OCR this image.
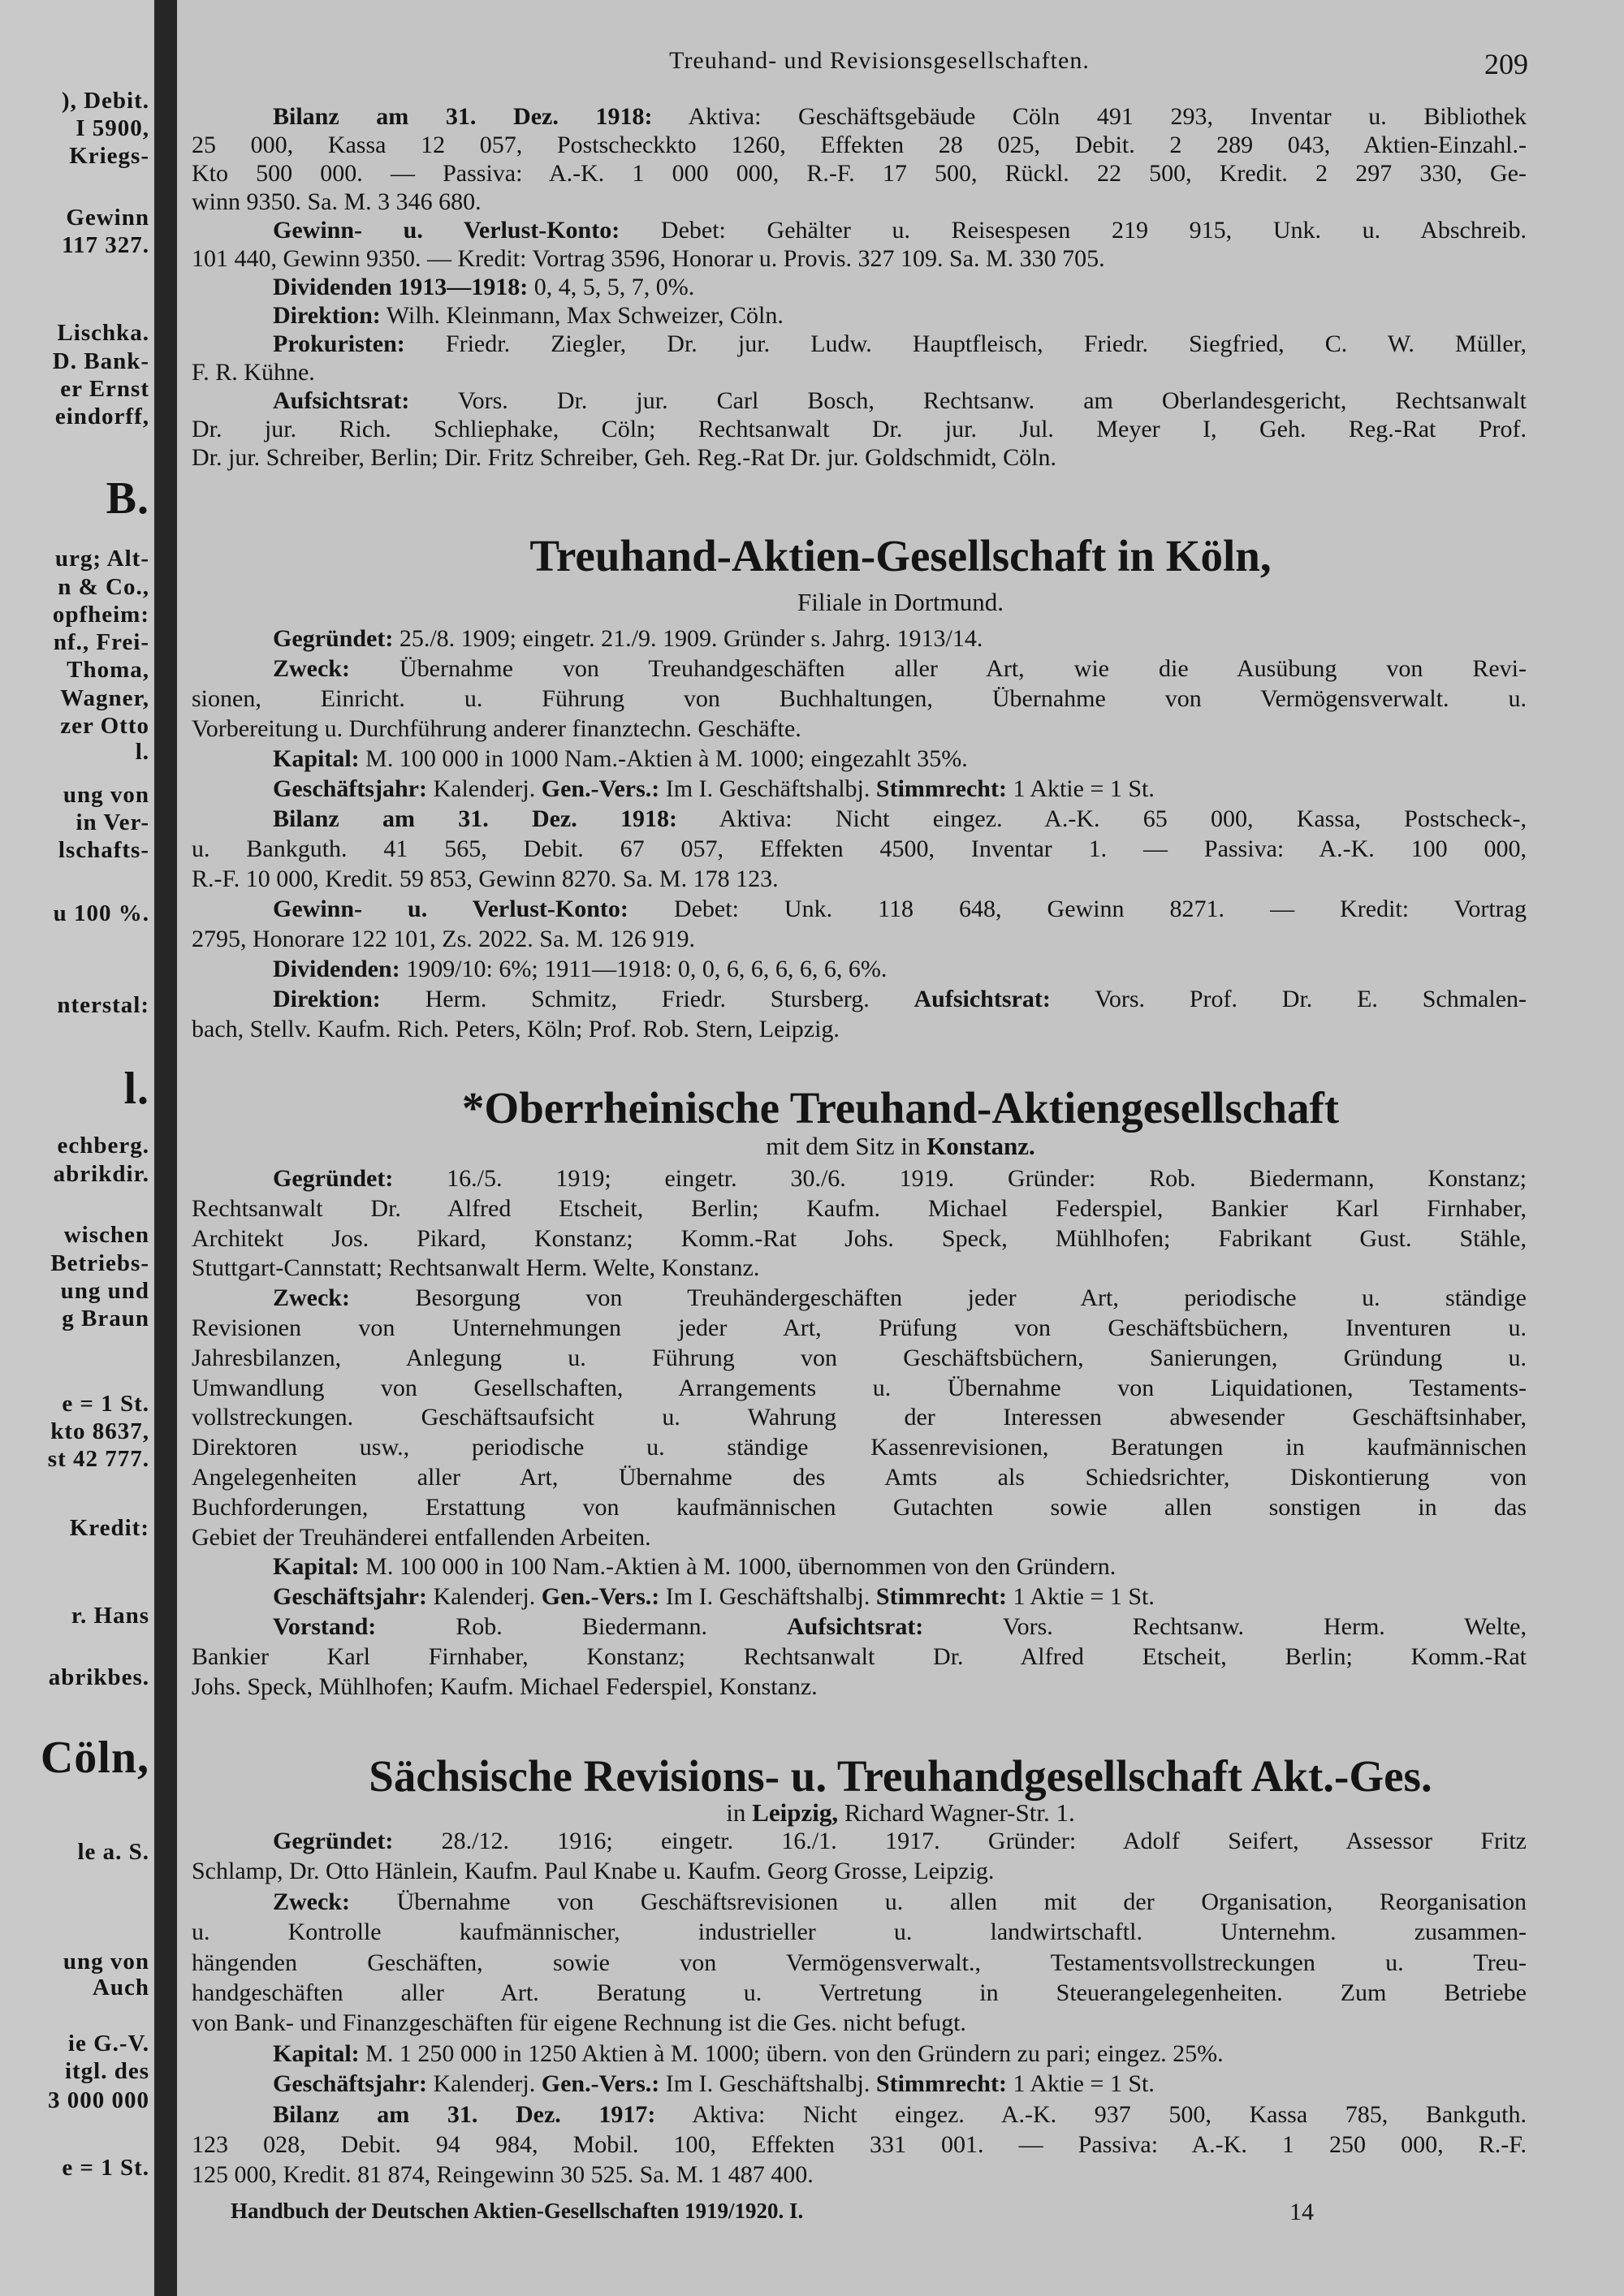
), Debit.
I 5900,
Kriegs-
Gewinn
117 327.
Lischka.
D. Bank-
er Ernst
eindorff,
B.
urg; Alt-
n & Co.,
opfheim:
nf., Frei-
Thoma,
Wagner,
zer Otto
l.
ung von
in Ver-
lschafts-
u 100 %.
nterstal:
l.
echberg.
abrikdir.
wischen
Betriebs-
ung und
g Braun
e = 1 St.
kto 8637,
st 42 777.
Kredit:
r. Hans
abrikbes.
Cöln,
le a. S.
ung von
Auch
ie G.-V.
itgl. des
3 000 000
e = 1 St.
Treuhand- und Revisionsgesellschaften.	209
Bilanz am 31. Dez. 1918: Aktiva: Geschäftsgebäude Cöln 491 293, Inventar u. Bibliothek
25 000, Kassa 12 057, Postscheckkto 1260, Effekten 28 025, Debit. 2 289 043, Aktien-Einzahl.-
Kto 500 000. — Passiva: A.-K. 1 000 000, R.-F. 17 500, Rückl. 22 500, Kredit. 2 297 330, Ge-
winn 9350. Sa. M. 3 346 680.
Gewinn- u. Verlust-Konto: Debet: Gehälter u. Reisespesen 219 915, Unk. u. Abschreib.
101 440, Gewinn 9350. — Kredit: Vortrag 3596, Honorar u. Provis. 327 109. Sa. M. 330 705.
Dividenden 1913—1918: 0, 4, 5, 5, 7, 0%.
Direktion: Wilh. Kleinmann, Max Schweizer, Cöln.
Prokuristen: Friedr. Ziegler, Dr. jur. Ludw. Hauptfleisch, Friedr. Siegfried, C. W. Müller,
F. R. Kühne.
Aufsichtsrat: Vors. Dr. jur. Carl Bosch, Rechtsanw. am Oberlandesgericht, Rechtsanwalt
Dr. jur. Rich. Schliephake, Cöln; Rechtsanwalt Dr. jur. Jul. Meyer I, Geh. Reg.-Rat Prof.
Dr. jur. Schreiber, Berlin; Dir. Fritz Schreiber, Geh. Reg.-Rat Dr. jur. Goldschmidt, Cöln.
Treuhand-Aktien-Gesellschaft in Köln,
Filiale in Dortmund.
Gegründet: 25./8. 1909; eingetr. 21./9. 1909. Gründer s. Jahrg. 1913/14.
Zweck: Übernahme von Treuhandgeschäften aller Art, wie die Ausübung von Revi-
sionen, Einricht. u. Führung von Buchhaltungen, Übernahme von Vermögensverwalt. u.
Vorbereitung u. Durchführung anderer finanztechn. Geschäfte.
Kapital: M. 100 000 in 1000 Nam.-Aktien à M. 1000; eingezahlt 35%.
Geschäftsjahr: Kalenderj. Gen.-Vers.: Im I. Geschäftshalbj. Stimmrecht: 1 Aktie = 1 St.
Bilanz am 31. Dez. 1918: Aktiva: Nicht eingez. A.-K. 65 000, Kassa, Postscheck-,
u. Bankguth. 41 565, Debit. 67 057, Effekten 4500, Inventar 1. — Passiva: A.-K. 100 000,
R.-F. 10 000, Kredit. 59 853, Gewinn 8270. Sa. M. 178 123.
Gewinn- u. Verlust-Konto: Debet: Unk. 118 648, Gewinn 8271. — Kredit: Vortrag
2795, Honorare 122 101, Zs. 2022. Sa. M. 126 919.
Dividenden: 1909/10: 6%; 1911—1918: 0, 0, 6, 6, 6, 6, 6, 6%.
Direktion: Herm. Schmitz, Friedr. Stursberg. Aufsichtsrat: Vors. Prof. Dr. E. Schmalen-
bach, Stellv. Kaufm. Rich. Peters, Köln; Prof. Rob. Stern, Leipzig.
*Oberrheinische Treuhand-Aktiengesellschaft
mit dem Sitz in Konstanz.
Gegründet: 16./5. 1919; eingetr. 30./6. 1919. Gründer: Rob. Biedermann, Konstanz;
Rechtsanwalt Dr. Alfred Etscheit, Berlin; Kaufm. Michael Federspiel, Bankier Karl Firnhaber,
Architekt Jos. Pikard, Konstanz; Komm.-Rat Johs. Speck, Mühlhofen; Fabrikant Gust. Stähle,
Stuttgart-Cannstatt; Rechtsanwalt Herm. Welte, Konstanz.
Zweck: Besorgung von Treuhändergeschäften jeder Art, periodische u. ständige
Revisionen von Unternehmungen jeder Art, Prüfung von Geschäftsbüchern, Inventuren u.
Jahresbilanzen, Anlegung u. Führung von Geschäftsbüchern, Sanierungen, Gründung u.
Umwandlung von Gesellschaften, Arrangements u. Übernahme von Liquidationen, Testaments-
vollstreckungen. Geschäftsaufsicht u. Wahrung der Interessen abwesender Geschäftsinhaber,
Direktoren usw., periodische u. ständige Kassenrevisionen, Beratungen in kaufmännischen
Angelegenheiten aller Art, Übernahme des Amts als Schiedsrichter, Diskontierung von
Buchforderungen, Erstattung von kaufmännischen Gutachten sowie allen sonstigen in das
Gebiet der Treuhänderei entfallenden Arbeiten.
Kapital: M. 100 000 in 100 Nam.-Aktien à M. 1000, übernommen von den Gründern.
Geschäftsjahr: Kalenderj. Gen.-Vers.: Im I. Geschäftshalbj. Stimmrecht: 1 Aktie = 1 St.
Vorstand: Rob. Biedermann. Aufsichtsrat: Vors. Rechtsanw. Herm. Welte,
Bankier Karl Firnhaber, Konstanz; Rechtsanwalt Dr. Alfred Etscheit, Berlin; Komm.-Rat
Johs. Speck, Mühlhofen; Kaufm. Michael Federspiel, Konstanz.
Sächsische Revisions- u. Treuhandgesellschaft Akt.-Ges.
in Leipzig, Richard Wagner-Str. 1.
Gegründet: 28./12. 1916; eingetr. 16./1. 1917. Gründer: Adolf Seifert, Assessor Fritz
Schlamp, Dr. Otto Hänlein, Kaufm. Paul Knabe u. Kaufm. Georg Grosse, Leipzig.
Zweck: Übernahme von Geschäftsrevisionen u. allen mit der Organisation, Reorganisation
u. Kontrolle kaufmännischer, industrieller u. landwirtschaftl. Unternehm. zusammen-
hängenden Geschäften, sowie von Vermögensverwalt., Testamentsvollstreckungen u. Treu-
handgeschäften aller Art. Beratung u. Vertretung in Steuerangelegenheiten. Zum Betriebe
von Bank- und Finanzgeschäften für eigene Rechnung ist die Ges. nicht befugt.
Kapital: M. 1 250 000 in 1250 Aktien à M. 1000; übern. von den Gründern zu pari; eingez. 25%.
Geschäftsjahr: Kalenderj. Gen.-Vers.: Im I. Geschäftshalbj. Stimmrecht: 1 Aktie = 1 St.
Bilanz am 31. Dez. 1917: Aktiva: Nicht eingez. A.-K. 937 500, Kassa 785, Bankguth.
123 028, Debit. 94 984, Mobil. 100, Effekten 331 001. — Passiva: A.-K. 1 250 000, R.-F.
125 000, Kredit. 81 874, Reingewinn 30 525. Sa. M. 1 487 400.
Handbuch der Deutschen Aktien-Gesellschaften 1919/1920. I.	14
